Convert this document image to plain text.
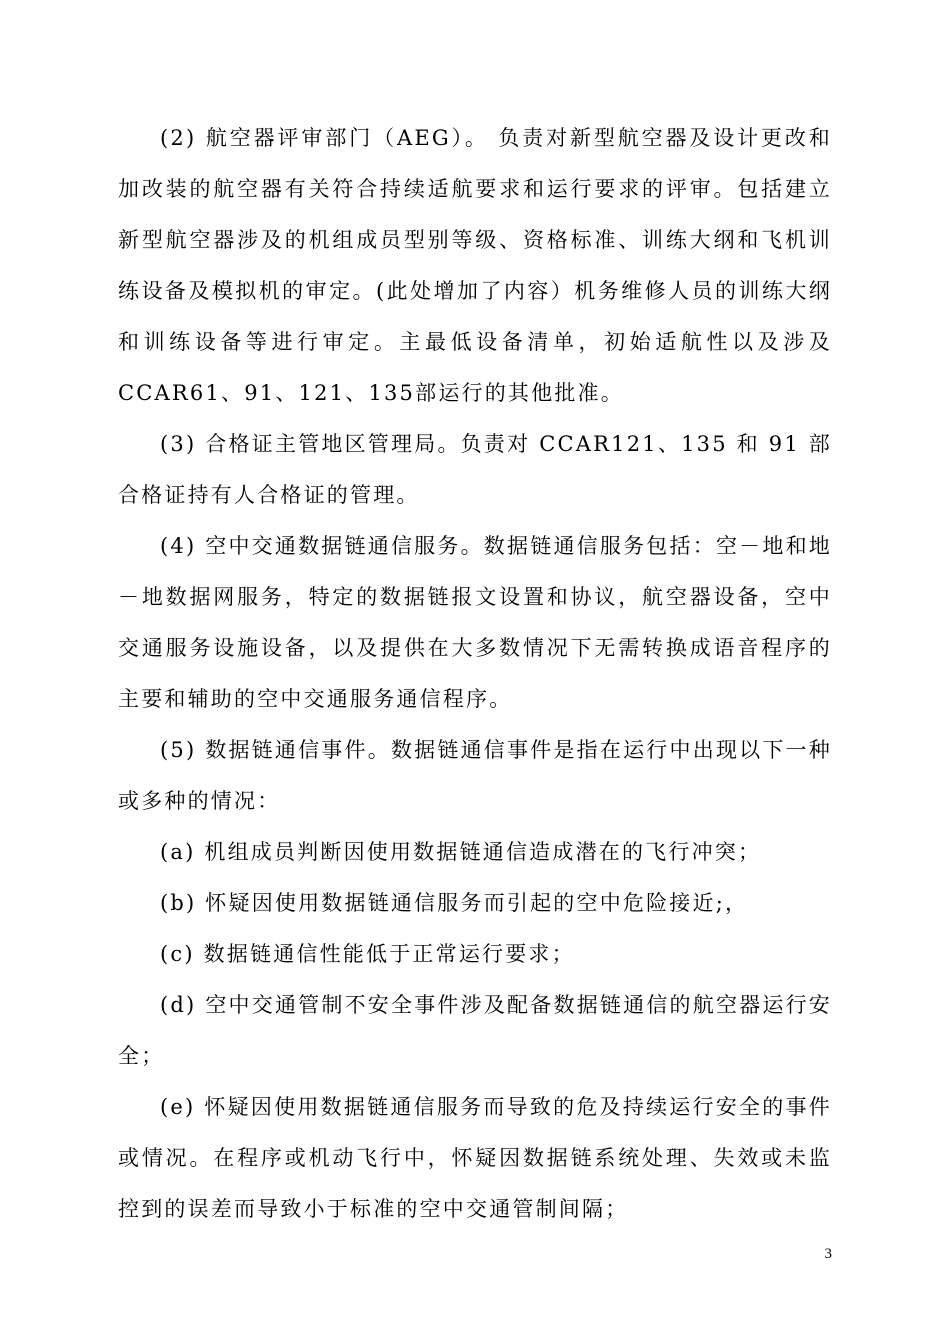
(2) 航空器评审部门（AEG）。 负责对新型航空器及设计更改和加改装的航空器有关符合持续适航要求和运行要求的评审。包括建立新型航空器涉及的机组成员型别等级、资格标准、训练大纲和飞机训练设备及模拟机的审定。(此处增加了内容）机务维修人员的训练大纲和训练设备等进行审定。主最低设备清单，初始适航性以及涉及 CCAR61、91、121、135部运行的其他批准。

(3) 合格证主管地区管理局。负责对 CCAR121、135 和 91 部合格证持有人合格证的管理。

(4) 空中交通数据链通信服务。数据链通信服务包括：空－地和地－地数据网服务，特定的数据链报文设置和协议，航空器设备，空中交通服务设施设备，以及提供在大多数情况下无需转换成语音程序的主要和辅助的空中交通服务通信程序。

(5) 数据链通信事件。数据链通信事件是指在运行中出现以下一种或多种的情况：

(a) 机组成员判断因使用数据链通信造成潜在的飞行冲突；

(b) 怀疑因使用数据链通信服务而引起的空中危险接近;，

(c) 数据链通信性能低于正常运行要求；

(d) 空中交通管制不安全事件涉及配备数据链通信的航空器运行安全；

(e) 怀疑因使用数据链通信服务而导致的危及持续运行安全的事件或情况。在程序或机动飞行中，怀疑因数据链系统处理、失效或未监控到的误差而导致小于标准的空中交通管制间隔；

3
